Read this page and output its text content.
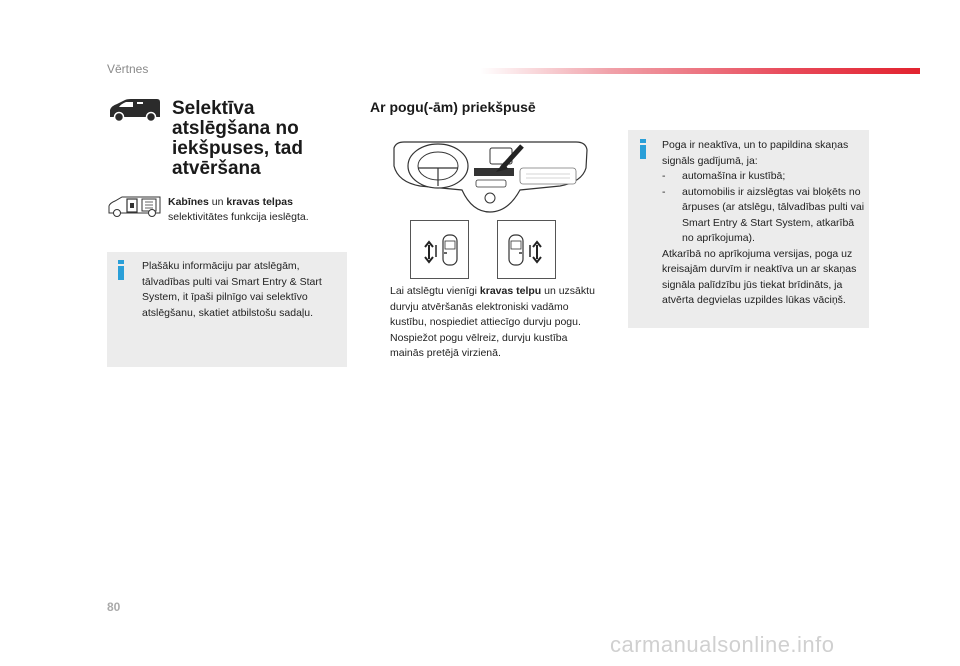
Vērtnes
Selektīva atslēgšana no iekšpuses, tad atvēršana
Kabīnes un kravas telpas selektivitātes funkcija ieslēgta.
Plašāku informāciju par atslēgām, tālvadības pulti vai Smart Entry & Start System, it īpaši pilnīgo vai selektīvo atslēgšanu, skatiet atbilstošu sadaļu.
Ar pogu(-ām) priekšpusē
Lai atslēgtu vienīgi kravas telpu un uzsāktu durvju atvēršanās elektroniski vadāmo kustību, nospiediet attiecīgo durvju pogu.
Nospiežot pogu vēlreiz, durvju kustība mainās pretējā virzienā.
Poga ir neaktīva, un to papildina skaņas signāls gadījumā, ja:
- automašīna ir kustībā;
- automobilis ir aizslēgtas vai bloķēts no ārpuses (ar atslēgu, tālvadības pulti vai Smart Entry & Start System, atkarībā no aprīkojuma).
Atkarībā no aprīkojuma versijas, poga uz kreisajām durvīm ir neaktīva un ar skaņas signāla palīdzību jūs tiekat brīdināts, ja atvērta degvielas uzpildes lūkas vāciņš.
80
carmanualsonline.info
